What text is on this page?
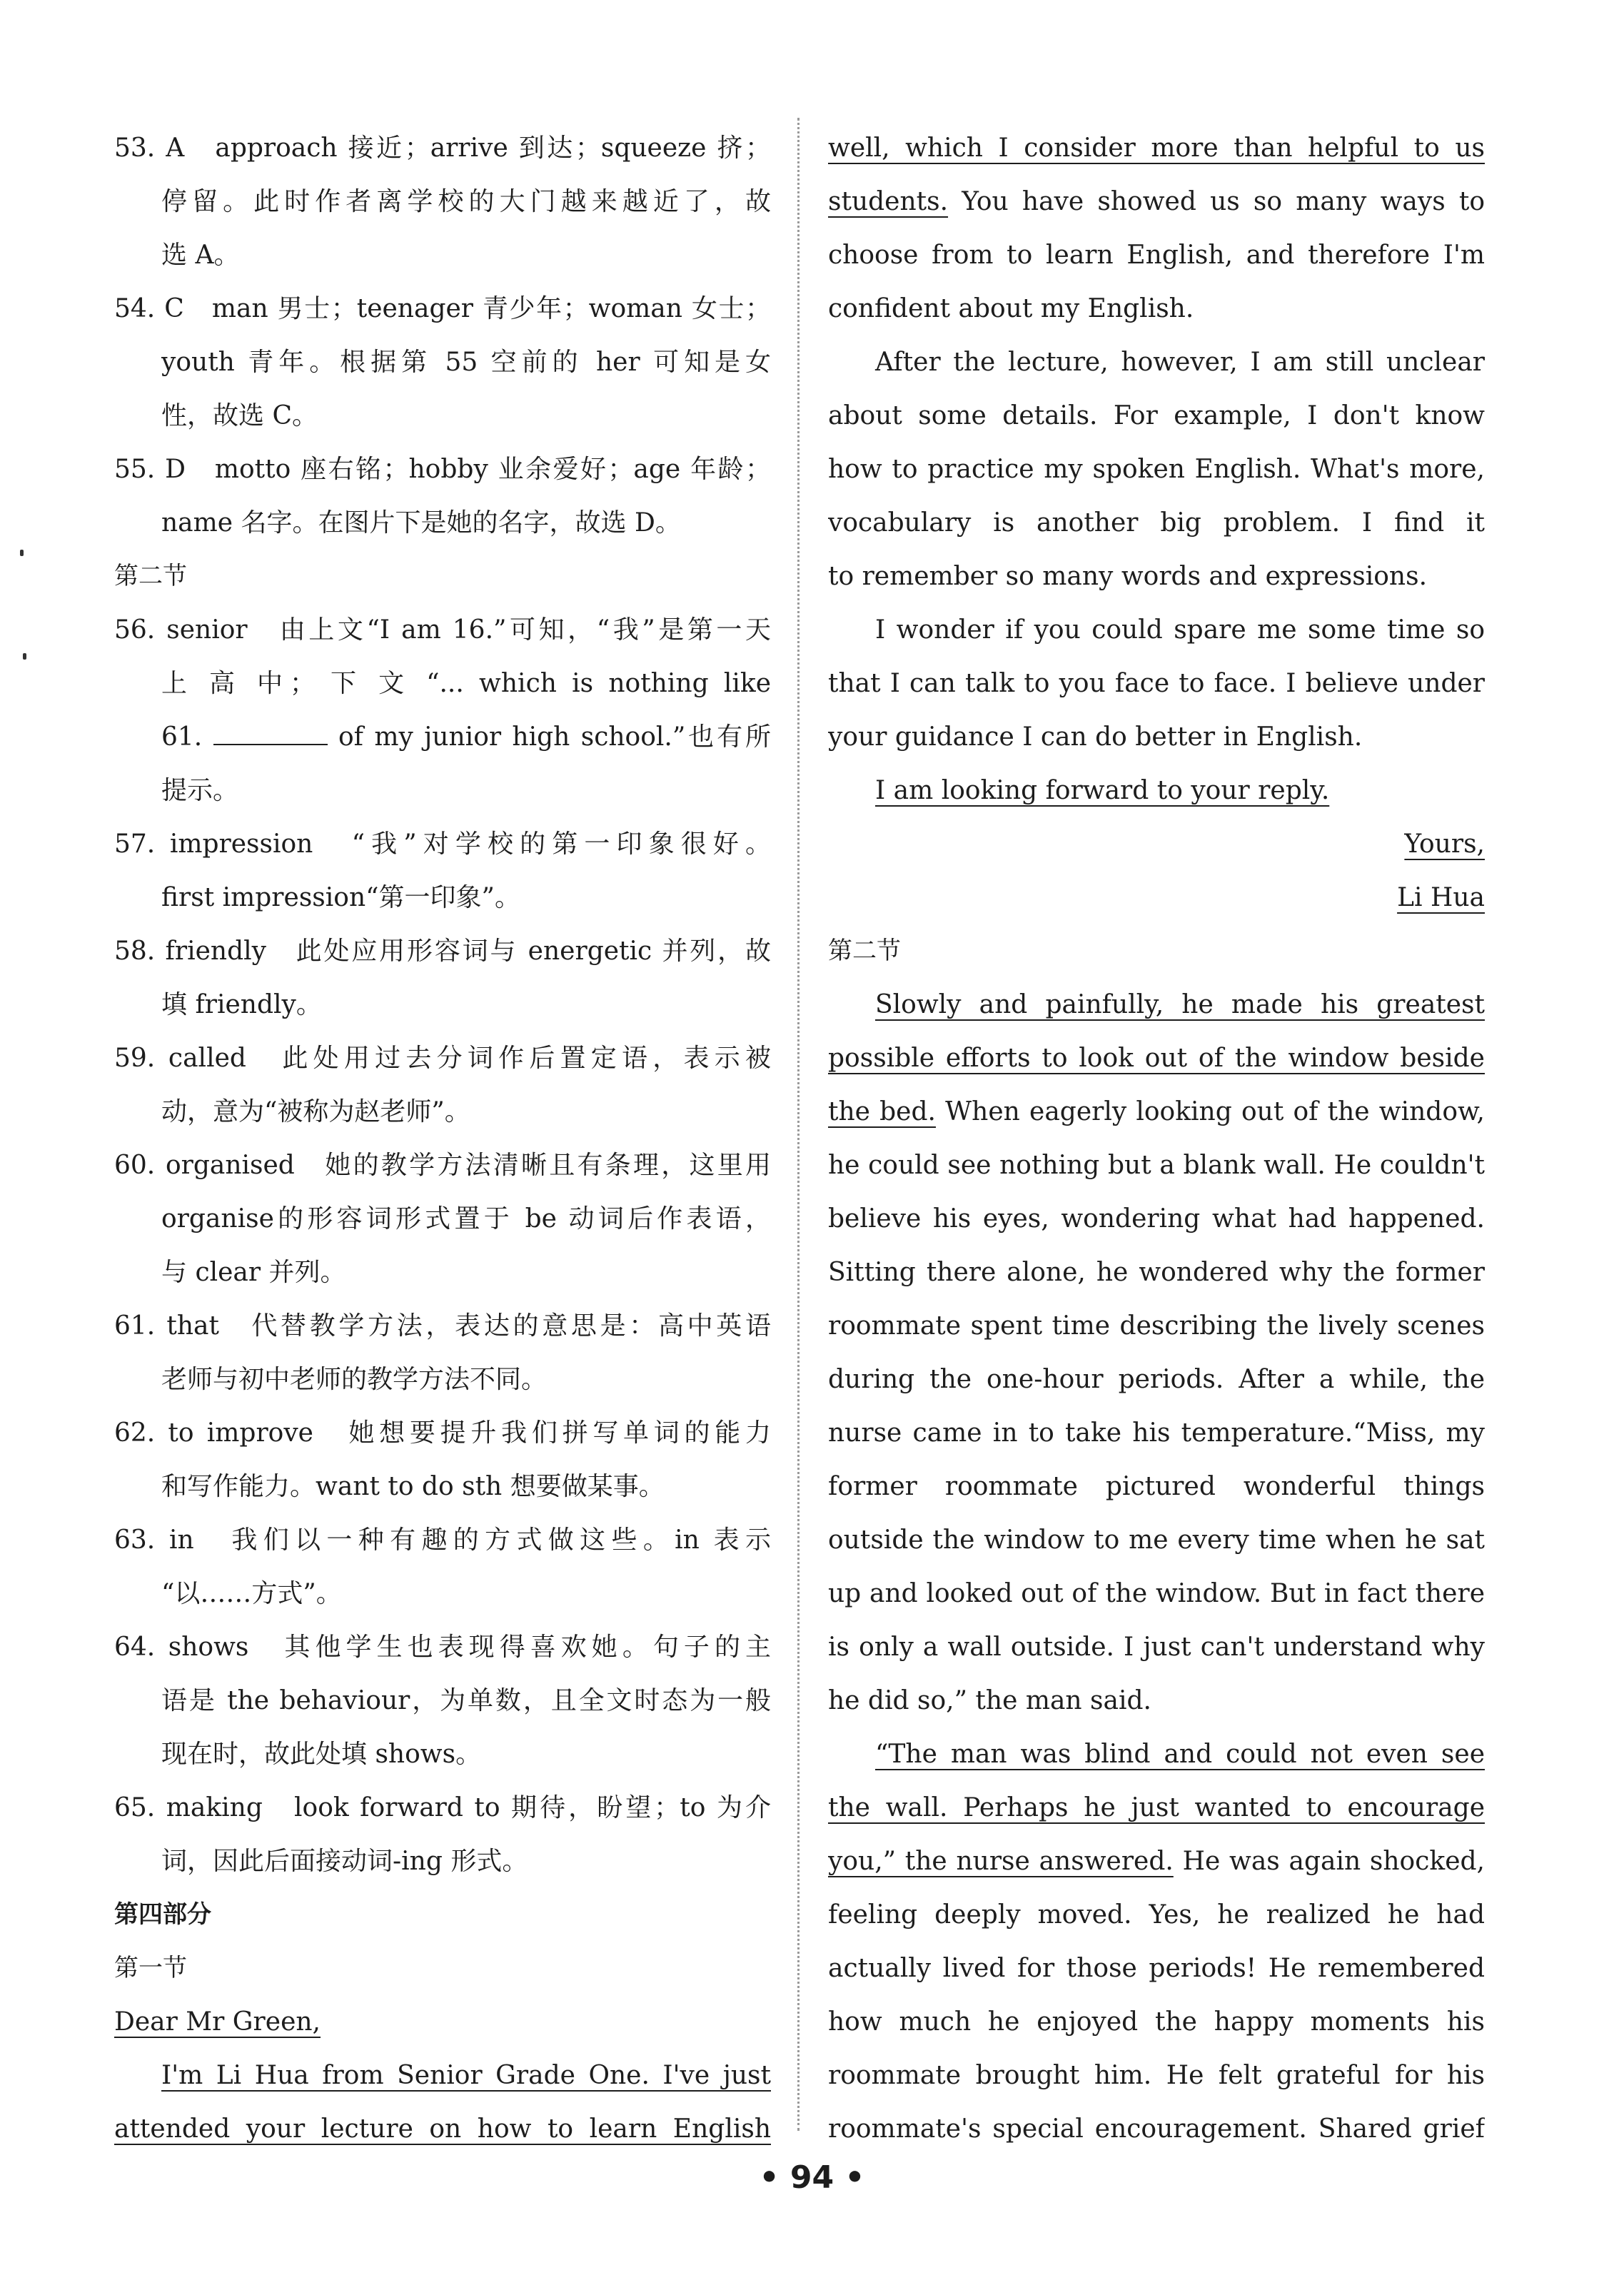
53. A　approach 接近；arrive 到达；squeeze 挤；
停留。此时作者离学校的大门越来越近了，故
选 A。
54. C　man 男士；teenager 青少年；woman 女士；
youth 青年。根据第 55 空前的 her 可知是女
性，故选 C。
55. D　motto 座右铭；hobby 业余爱好；age 年龄；
name 名字。在图片下是她的名字，故选 D。
第二节
56. senior　由上文“I am 16.”可知，“我”是第一天
上 高 中； 下 文 “... which is nothing like
61.	of my junior high school.”也有所
提示。
57. impression　“我”对学校的第一印象很好。
first impression“第一印象”。
58. friendly　此处应用形容词与 energetic 并列，故
填 friendly。
59. called　此处用过去分词作后置定语，表示被
动，意为“被称为赵老师”。
60. organised　她的教学方法清晰且有条理，这里用
organise的形容词形式置于 be 动词后作表语，
与 clear 并列。
61. that　代替教学方法，表达的意思是：高中英语
老师与初中老师的教学方法不同。
62. to improve　她想要提升我们拼写单词的能力
和写作能力。want to do sth 想要做某事。
63. in　我们以一种有趣的方式做这些。in 表示
“以……方式”。
64. shows　其他学生也表现得喜欢她。句子的主
语是 the behaviour，为单数，且全文时态为一般
现在时，故此处填 shows。
65. making　look forward to 期待，盼望；to 为介
词，因此后面接动词-ing 形式。
第四部分
第一节
Dear Mr Green,
I'm Li Hua from Senior Grade One. I've just
attended your lecture on how to learn English
well, which I consider more than helpful to us
students. You have showed us so many ways to
choose from to learn English, and therefore I'm
confident about my English.
After the lecture, however, I am still unclear
about some details. For example, I don't know
how to practice my spoken English. What's more,
vocabulary is another big problem. I find it
to remember so many words and expressions.
I wonder if you could spare me some time so
that I can talk to you face to face. I believe under
your guidance I can do better in English.
I am looking forward to your reply.
Yours,
Li Hua
第二节
Slowly and painfully, he made his greatest
possible efforts to look out of the window beside
the bed. When eagerly looking out of the window,
he could see nothing but a blank wall. He couldn't
believe his eyes, wondering what had happened.
Sitting there alone, he wondered why the former
roommate spent time describing the lively scenes
during the one-hour periods. After a while, the
nurse came in to take his temperature.“Miss, my
former roommate pictured wonderful things
outside the window to me every time when he sat
up and looked out of the window. But in fact there
is only a wall outside. I just can't understand why
he did so,” the man said.
“The man was blind and could not even see
the wall. Perhaps he just wanted to encourage
you,” the nurse answered. He was again shocked,
feeling deeply moved. Yes, he realized he had
actually lived for those periods! He remembered
how much he enjoyed the happy moments his
roommate brought him. He felt grateful for his
roommate's special encouragement. Shared grief
• 94 •
